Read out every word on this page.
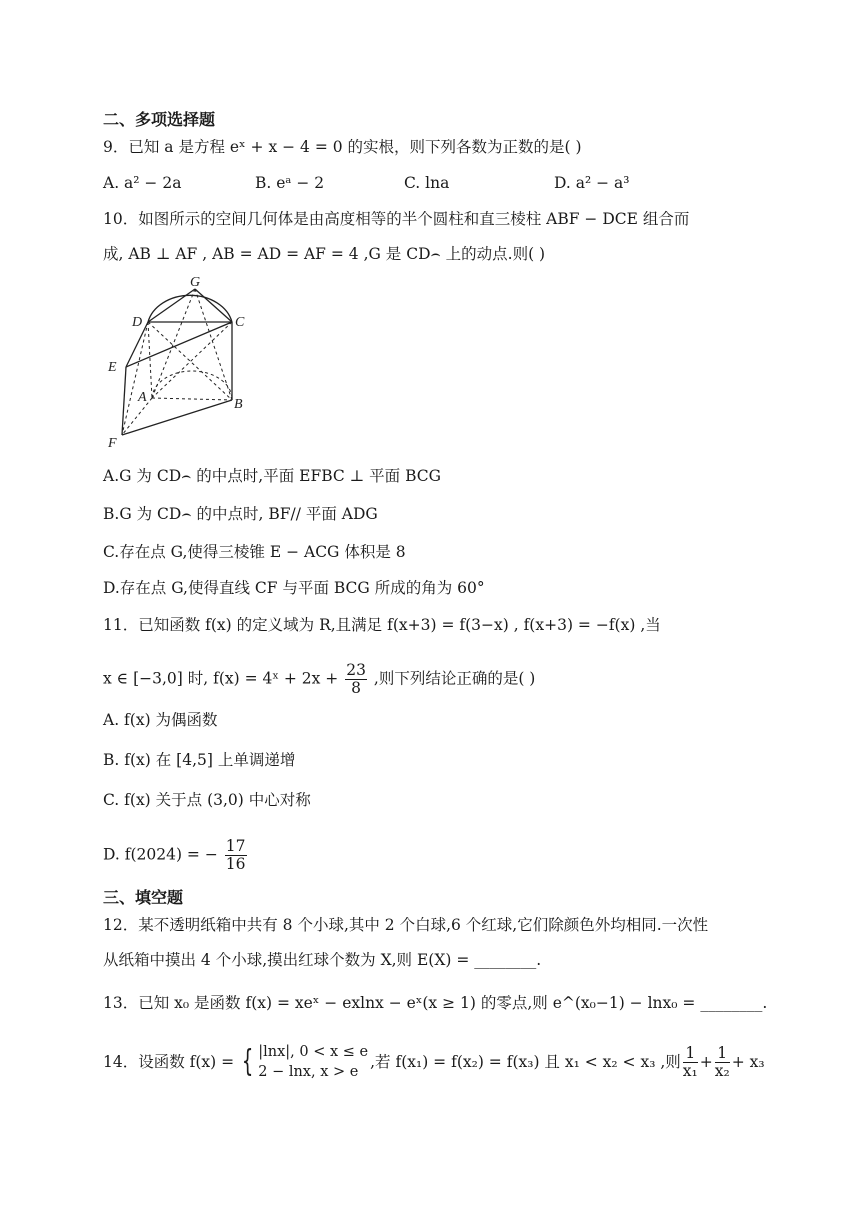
二、多项选择题
9．已知 a 是方程 eˣ + x − 4 = 0 的实根，则下列各数为正数的是( )
A. a² − 2a	B. eᵃ − 2	C. lna	D. a² − a³
10．如图所示的空间几何体是由高度相等的半个圆柱和直三棱柱 ABF − DCE 组合而
成, AB ⊥ AF , AB = AD = AF = 4 ,G 是 CD⌢ 上的动点.则( )
G
D	C
E
A	B
F
A.G 为 CD⌢ 的中点时,平面 EFBC ⊥ 平面 BCG
B.G 为 CD⌢ 的中点时, BF// 平面 ADG
C.存在点 G,使得三棱锥 E − ACG 体积是 8
D.存在点 G,使得直线 CF 与平面 BCG 所成的角为 60°
11．已知函数 f(x) 的定义域为 R,且满足 f(x+3) = f(3−x) , f(x+3) = −f(x) ,当
x ∈ [−3,0] 时, f(x) = 4ˣ + $2x + \frac{23}{8}$ ,则下列结论正确的是( )
A. f(x) 为偶函数
B. f(x) 在 [4,5] 上单调递增
C. f(x) 关于点 (3,0) 中心对称
D. f(2024) = − $\frac{17}{16}$
三、填空题
12．某不透明纸箱中共有 8 个小球,其中 2 个白球,6 个红球,它们除颜色外均相同.一次性
从纸箱中摸出 4 个小球,摸出红球个数为 X,则 E(X) = ________.
13．已知 x₀ 是函数 f(x) = xeˣ − exlnx − eˣ(x ≥ 1) 的零点,则 e^(x₀−1) − lnx₀ = ________.
14．设函数 f(x) = { |lnx|, 0 < x ≤ e
2 − lnx, x > e
,若 f(x₁) = f(x₂) = f(x₃) 且 x₁ < x₂ < x₃ ,则 $\frac{1}{\text{x₁}} + \frac{1}{\text{x₂}} + x_3$
